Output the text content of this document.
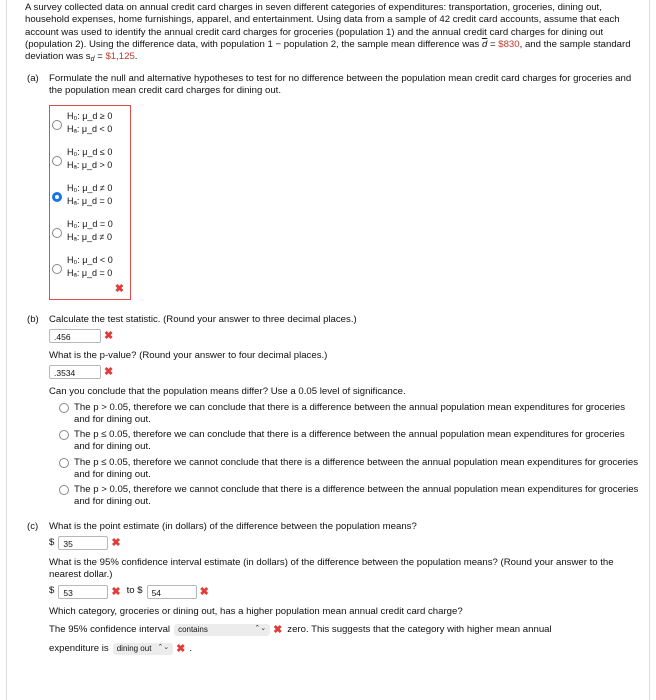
A survey collected data on annual credit card charges in seven different categories of expenditures: transportation, groceries, dining out, household expenses, home furnishings, apparel, and entertainment. Using data from a sample of 42 credit card accounts, assume that each account was used to identify the annual credit card charges for groceries (population 1) and the annual credit card charges for dining out (population 2). Using the difference data, with population 1 − population 2, the sample mean difference was $\overline{d}$ = $830, and the sample standard deviation was $s_d$ = $1,125.

(a)	Formulate the null and alternative hypotheses to test for no difference between the population mean credit card charges for groceries and the population mean credit card charges for dining out.
H₀: μ_d ≥ 0
Hₐ: μ_d < 0
H₀: μ_d ≤ 0
Hₐ: μ_d > 0
H₀: μ_d ≠ 0
Hₐ: μ_d = 0
H₀: μ_d = 0
Hₐ: μ_d ≠ 0
H₀: μ_d < 0
Hₐ: μ_d = 0
✖
(b)	Calculate the test statistic. (Round your answer to three decimal places.)
.456	✖
What is the p-value? (Round your answer to four decimal places.)
.3534	✖
Can you conclude that the population means differ? Use a 0.05 level of significance.
The p > 0.05, therefore we can conclude that there is a difference between the annual population mean expenditures for groceries and for dining out.
The p ≤ 0.05, therefore we can conclude that there is a difference between the annual population mean expenditures for groceries and for dining out.
The p ≤ 0.05, therefore we cannot conclude that there is a difference between the annual population mean expenditures for groceries and for dining out.
The p > 0.05, therefore we cannot conclude that there is a difference between the annual population mean expenditures for groceries and for dining out.
(c)	What is the point estimate (in dollars) of the difference between the population means?
$	35	✖
What is the 95% confidence interval estimate (in dollars) of the difference between the population means? (Round your answer to the nearest dollar.)
$	53	✖ to $	54	✖
Which category, groceries or dining out, has a higher population mean annual credit card charge?
The 95% confidence interval contains	⌃⌄ ✖ zero. This suggests that the category with higher mean annual
expenditure is dining out ⌃⌄ ✖ .
